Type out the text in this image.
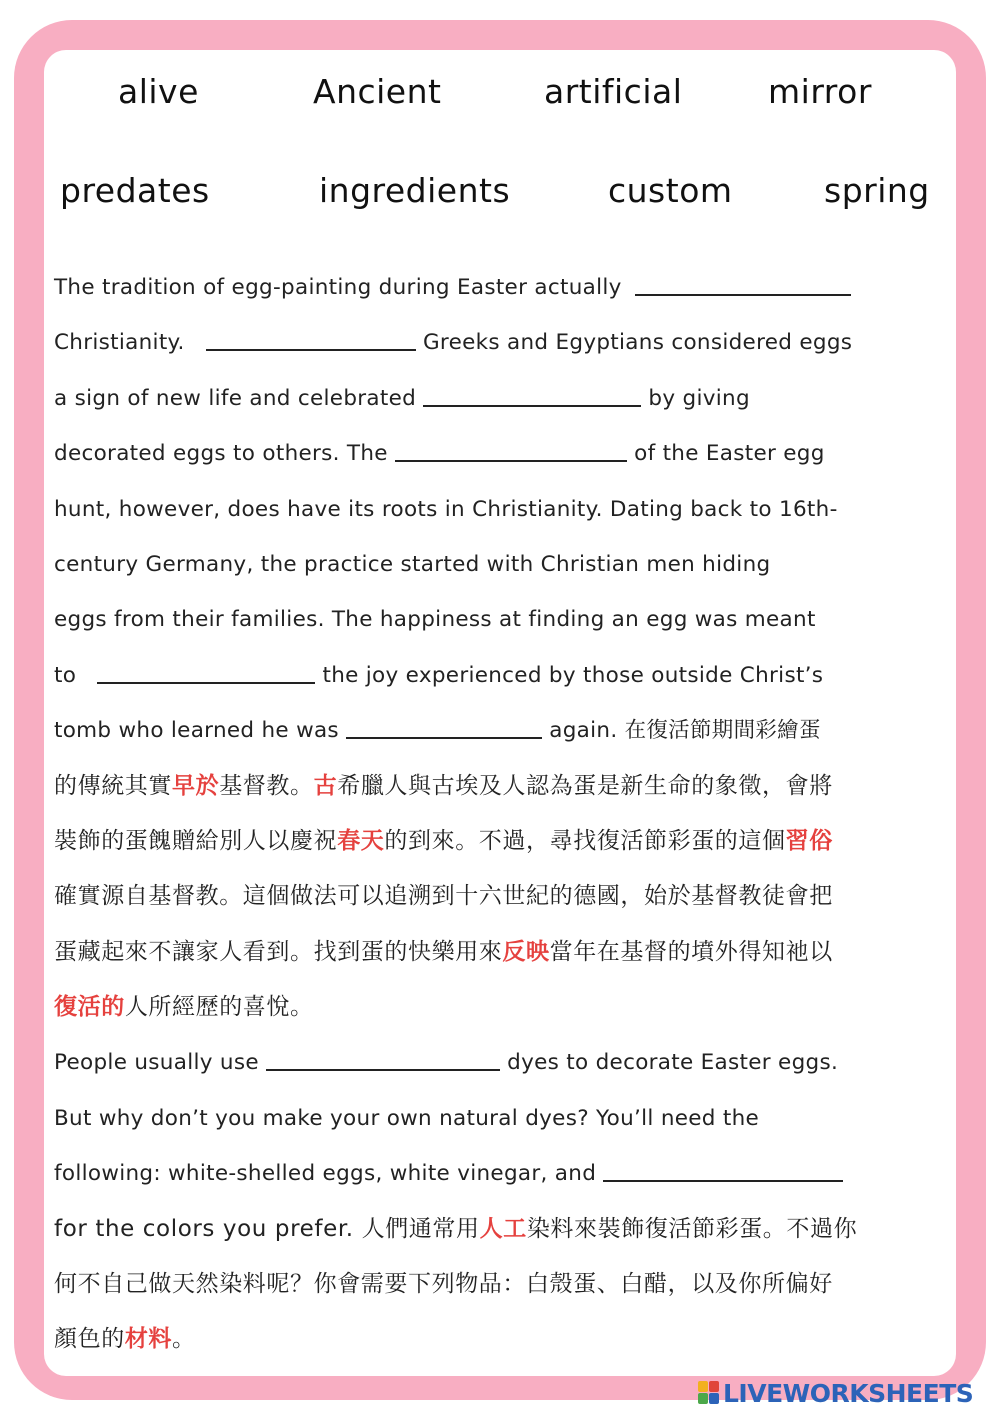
alive	Ancient	artificial	mirror
predates	ingredients	custom	spring
The tradition of egg-painting during Easter actually
Christianity.	Greeks and Egyptians considered eggs
a sign of new life and celebrated	by giving
decorated eggs to others. The	of the Easter egg
hunt, however, does have its roots in Christianity. Dating back to 16th-
century Germany, the practice started with Christian men hiding
eggs from their families. The happiness at finding an egg was meant
to	the joy experienced by those outside Christ’s
tomb who learned he was	again. 在復活節期間彩繪蛋
的傳統其實早於基督教。古希臘人與古埃及人認為蛋是新生命的象徵，會將
裝飾的蛋餽贈給別人以慶祝春天的到來。不過，尋找復活節彩蛋的這個習俗
確實源自基督教。這個做法可以追溯到十六世紀的德國，始於基督教徒會把
蛋藏起來不讓家人看到。找到蛋的快樂用來反映當年在基督的墳外得知祂以
復活的人所經歷的喜悅。
People usually use	dyes to decorate Easter eggs.
But why don’t you make your own natural dyes? You’ll need the
following: white-shelled eggs, white vinegar, and
for the colors you prefer. 人們通常用人工染料來裝飾復活節彩蛋。不過你
何不自己做天然染料呢？你會需要下列物品：白殼蛋、白醋，以及你所偏好
顏色的材料。
LIVEWORKSHEETS
